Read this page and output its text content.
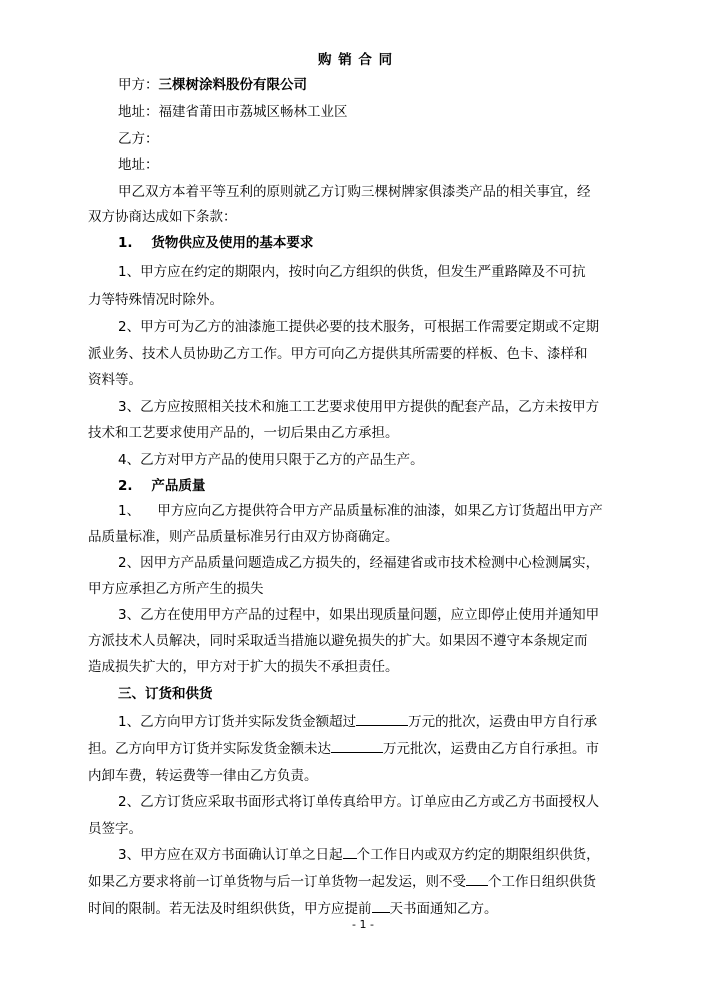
购 销 合 同
甲方：三棵树涂料股份有限公司
地址：福建省莆田市荔城区畅林工业区
乙方：
地址：
甲乙双方本着平等互利的原则就乙方订购三棵树牌家俱漆类产品的相关事宜，经
双方协商达成如下条款：
1.    货物供应及使用的基本要求
1、甲方应在约定的期限内，按时向乙方组织的供货，但发生严重路障及不可抗
力等特殊情况时除外。
2、甲方可为乙方的油漆施工提供必要的技术服务，可根据工作需要定期或不定期
派业务、技术人员协助乙方工作。甲方可向乙方提供其所需要的样板、色卡、漆样和
资料等。
3、乙方应按照相关技术和施工工艺要求使用甲方提供的配套产品，乙方未按甲方
技术和工艺要求使用产品的，一切后果由乙方承担。
4、乙方对甲方产品的使用只限于乙方的产品生产。
2.    产品质量
1、    甲方应向乙方提供符合甲方产品质量标准的油漆，如果乙方订货超出甲方产
品质量标准，则产品质量标准另行由双方协商确定。
2、因甲方产品质量问题造成乙方损失的，经福建省或市技术检测中心检测属实，
甲方应承担乙方所产生的损失
3、乙方在使用甲方产品的过程中，如果出现质量问题，应立即停止使用并通知甲
方派技术人员解决，同时采取适当措施以避免损失的扩大。如果因不遵守本条规定而
造成损失扩大的，甲方对于扩大的损失不承担责任。
三、订货和供货
1、乙方向甲方订货并实际发货金额超过	万元的批次，运费由甲方自行承
担。乙方向甲方订货并实际发货金额未达	万元批次，运费由乙方自行承担。市
内卸车费，转运费等一律由乙方负责。
2、乙方订货应采取书面形式将订单传真给甲方。订单应由乙方或乙方书面授权人
员签字。
3、甲方应在双方书面确认订单之日起 个工作日内或双方约定的期限组织供货，
如果乙方要求将前一订单货物与后一订单货物一起发运，则不受 个工作日组织供货
时间的限制。若无法及时组织供货，甲方应提前 天书面通知乙方。
- 1 -
